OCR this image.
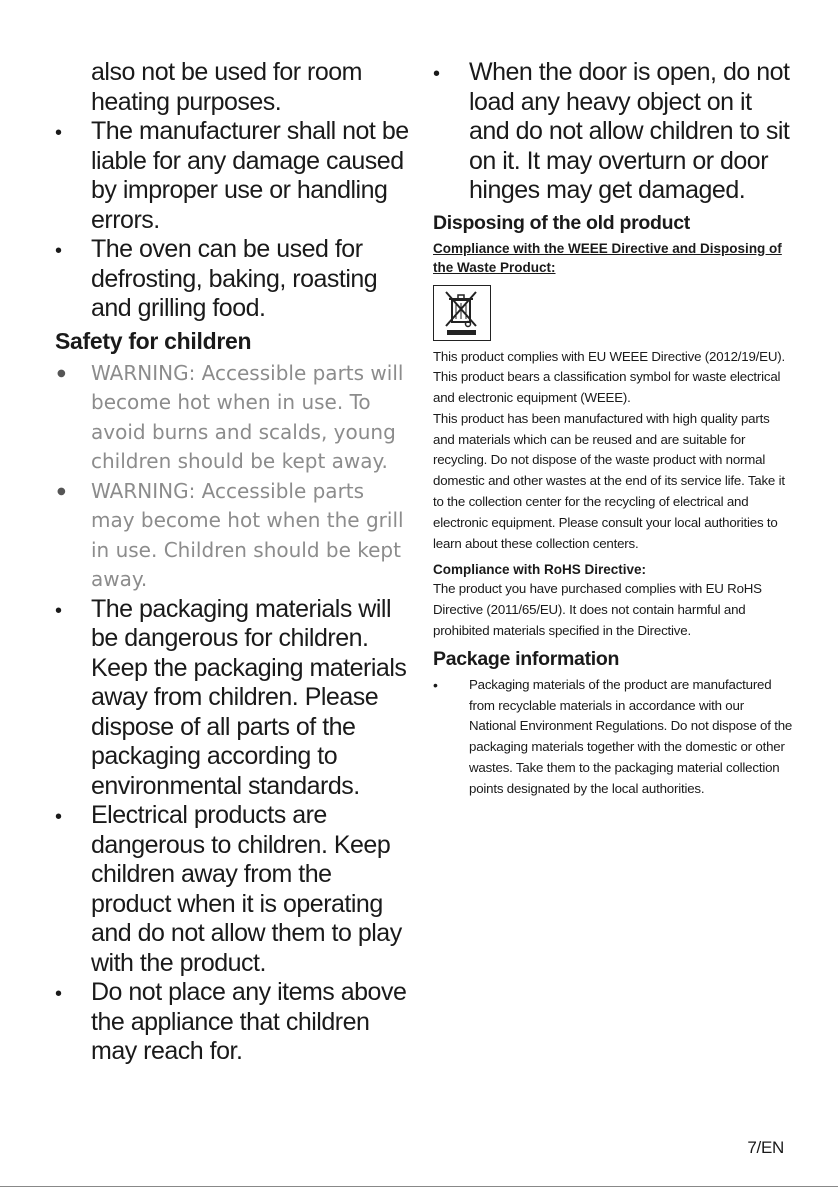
also not be used for room heating purposes.

•
The manufacturer shall not be liable for any damage caused by improper use or handling errors.
•
The oven can be used for defrosting, baking, roasting and grilling food.
Safety for children
●
WARNING: Accessible parts will become hot when in use. To avoid burns and scalds, young children should be kept away.
●
WARNING: Accessible parts may become hot when the grill in use. Children should be kept away.
•
The packaging materials will be dangerous for children. Keep the packaging materials away from children. Please dispose of all parts of the packaging according to environmental standards.
•
Electrical products are dangerous to children. Keep children away from the product when it is operating and do not allow them to play with the product.
•
Do not place any items above the appliance that children may reach for.
•
When the door is open, do not load any heavy object on it and do not allow children to sit on it. It may overturn or door hinges may get damaged.
Disposing of the old product

Compliance with the WEEE Directive and Disposing of the Waste Product:

This product complies with EU WEEE Directive (2012/19/EU). This product bears a classification symbol for waste electrical and electronic equipment (WEEE).

This product has been manufactured with high quality parts and materials which can be reused and are suitable for recycling. Do not dispose of the waste product with normal domestic and other wastes at the end of its service life. Take it to the collection center for the recycling of electrical and electronic equipment. Please consult your local authorities to learn about these collection centers.

Compliance with RoHS Directive:

The product you have purchased complies with EU RoHS Directive (2011/65/EU). It does not contain harmful and prohibited materials specified in the Directive.

Package information
•
Packaging materials of the product are manufactured from recyclable materials in accordance with our National Environment Regulations. Do not dispose of the packaging materials together with the domestic or other wastes. Take them to the packaging material collection points designated by the local authorities.
7/EN
